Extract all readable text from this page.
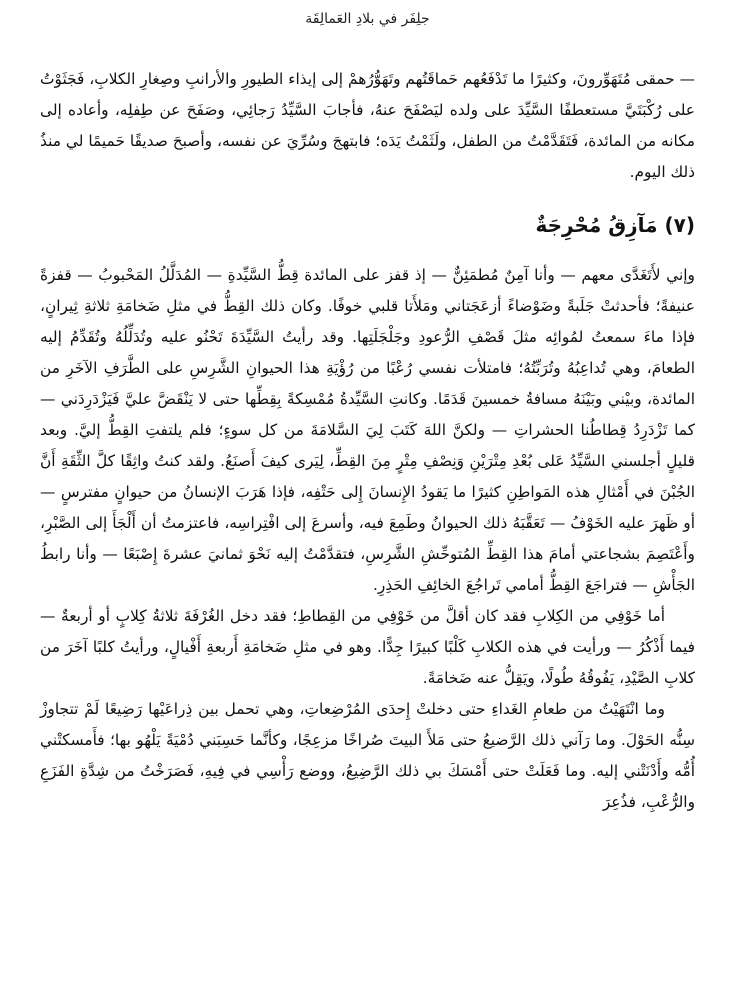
جلِفَر في بلادِ العَمالِقَة

— حمقى مُتَهَوِّرونَ، وكثيرًا ما تَدْفَعُهم حَماقَتُهم وتَهَوُّرُهمْ إلى إيذاء الطيورِ والأرانبِ وصِغارِ الكلابِ، فَجَثَوْتُ على رُكْبَتَيَّ مستعطفًا السَّيِّدَ على ولده ليَصْفَحَ عنهُ، فأجابَ السَّيِّدُ رَجائِي، وصَفَحَ عن طِفلِه، وأعاده إلى مكانه من المائدة، فَتَقَدَّمْتُ من الطفل، ولَثَمْتُ يَدَه؛ فابتهجَ وسُرِّيَ عن نفسه، وأصبحَ صديقًا حَميمًا لي منذُ ذلك اليوم.

(٧) مَآزِقُ مُحْرِجَةٌ

وإني لأَتَغَدَّى معهم — وأنا آمِنٌ مُطمَئِنٌّ — إذ قفز على المائدة قِطُّ السَّيِّدةِ — المُدَلَّلُ المَحْبوبُ — قفزةً عنيفةً؛ فأحدثتْ جَلَبةً وضَوْضاءً أزعَجَتاني ومَلأَتا قلبي خوفًا. وكان ذلك القِطُّ في مثلِ ضَخامَةِ ثلاثةِ ثِيرانٍ، فإذا ماءَ سمعتُ لمُوائِه مثلَ قَصْفِ الرُّعودِ وجَلْجَلَتِها. وقد رأيتُ السَّيِّدَةَ تَحْنُو عليه وتُدَلِّلُهُ وتُقَدِّمُ إليه الطعامَ، وهي تُداعِبُهُ وتُرَبِّتُهُ؛ فامتلأت نفسي رُعْبًا من رُؤْيَةِ هذا الحيوانِ الشَّرِسِ على الطَّرَفِ الآخَرِ من المائدة، وبيْني وبَيْنَهُ مسافةُ خمسينَ قَدَمًا. وكانتِ السَّيِّدةُ مُمْسِكةً بِقِطِّها حتى لا يَنْقَضَّ عليَّ فَيَزْدَرِدَني — كما تَزْدَرِدُ قِطاطُنا الحشراتِ — ولكنَّ اللهَ كَتَبَ لِيَ السَّلامَةَ من كل سوءٍ؛ فلم يلتفتِ القِطُّ إليَّ. وبعد قليلٍ أجلسني السَّيِّدُ عَلى بُعْدِ مِتْرَيْنِ وَنِصْفِ مِتْرٍ مِنَ القِطِّ، لِيَرى كيفَ أَصنَعُ. ولقد كنتُ واثِقًا كلَّ الثِّقَةِ أَنَّ الجُبْنَ في أَمْثالِ هذه المَواطِنِ كثيرًا ما يَقودُ الإِنسانَ إِلى حَتْفِه، فإذا هَرَبَ الإنسانُ من حيوانٍ مفترسٍ — أو ظَهرَ عليه الخَوْفُ — تَعَقَّبَهُ ذلك الحيوانُ وطَمِعَ فيه، وأسرعَ إلى افْتِراسِه، فاعتزمتُ أن أَلْجَأَ إلى الصَّبْرِ، وأَعْتَصِمَ بشجاعتي أمامَ هذا القِطِّ المُتوحِّشِ الشَّرِسِ، فتقدَّمْتُ إليه نَحْوَ ثمانيَ عشرةَ إِصْبَعًا — وأنا رابطُ الجَأْشِ — فتراجَعَ القِطُّ أمامي تَراجُعَ الخائِفِ الحَذِرِ.

أما خَوْفِي من الكِلابِ فقد كان أقلَّ من خَوْفِي من القِطاطِ؛ فقد دخل الغُرْفَةَ ثلاثةُ كِلابٍ أو أربعةٌ — فيما أَذْكُرُ — ورأيت في هذه الكلابِ كَلْبًا كبيرًا جِدًّا. وهو في مثلِ ضَخامَةِ أَربعةِ أَفْيالٍ، ورأيتُ كلبًا آخَرَ من كلابِ الصَّيْدِ، يَفُوقُهُ طُولًا، ويَقِلُّ عنه ضَخامَةً.

وما انْتَهَيْتُ من طعامِ الغَداءِ حتى دخلتْ إِحدَى المُرْضِعاتِ، وهي تحمل بين ذِراعَيْها رَضِيعًا لَمْ تتجاوزْ سِنُّه الحَوْلَ. وما رَآني ذلك الرَّضيعُ حتى مَلأَ البيتَ صُراخًا مزعِجًا، وكأنَّما حَسِبَني دُمْيَةً يَلْهُو بها؛ فأَمسكتْني أُمُّه وأَدْنَتْني إليه. وما فَعَلَتْ حتى أَمْسَكَ بي ذلك الرَّضِيعُ، ووضع رَأْسِي في فِيهِ، فَصَرَخْتُ من شِدَّةِ الفَزَعِ والرُّعْبِ، فذُعِرَ
